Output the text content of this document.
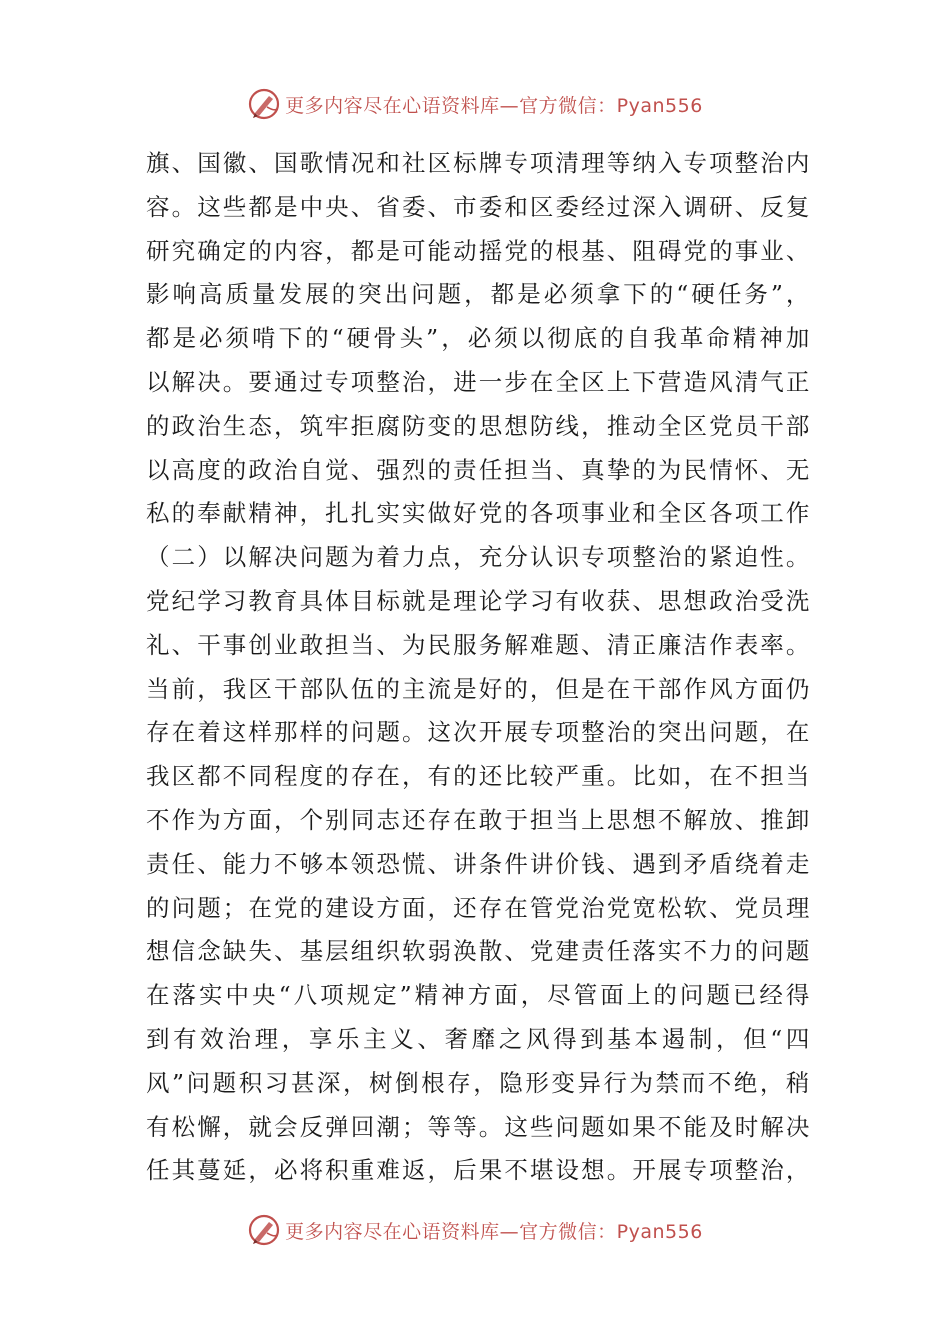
更多内容尽在心语资料库—官方微信：Pyan556
旗、国徽、国歌情况和社区标牌专项清理等纳入专项整治内
容。这些都是中央、省委、市委和区委经过深入调研、反复
研究确定的内容，都是可能动摇党的根基、阻碍党的事业、
影响高质量发展的突出问题，都是必须拿下的“硬任务”，
都是必须啃下的“硬骨头”，必须以彻底的自我革命精神加
以解决。要通过专项整治，进一步在全区上下营造风清气正
的政治生态，筑牢拒腐防变的思想防线，推动全区党员干部
以高度的政治自觉、强烈的责任担当、真挚的为民情怀、无
私的奉献精神，扎扎实实做好党的各项事业和全区各项工作
（二）以解决问题为着力点，充分认识专项整治的紧迫性。
党纪学习教育具体目标就是理论学习有收获、思想政治受洗
礼、干事创业敢担当、为民服务解难题、清正廉洁作表率。
当前，我区干部队伍的主流是好的，但是在干部作风方面仍
存在着这样那样的问题。这次开展专项整治的突出问题，在
我区都不同程度的存在，有的还比较严重。比如，在不担当
不作为方面，个别同志还存在敢于担当上思想不解放、推卸
责任、能力不够本领恐慌、讲条件讲价钱、遇到矛盾绕着走
的问题；在党的建设方面，还存在管党治党宽松软、党员理
想信念缺失、基层组织软弱涣散、党建责任落实不力的问题
在落实中央“八项规定”精神方面，尽管面上的问题已经得
到有效治理，享乐主义、奢靡之风得到基本遏制，但“四
风”问题积习甚深，树倒根存，隐形变异行为禁而不绝，稍
有松懈，就会反弹回潮；等等。这些问题如果不能及时解决
任其蔓延，必将积重难返，后果不堪设想。开展专项整治，
更多内容尽在心语资料库—官方微信：Pyan556
